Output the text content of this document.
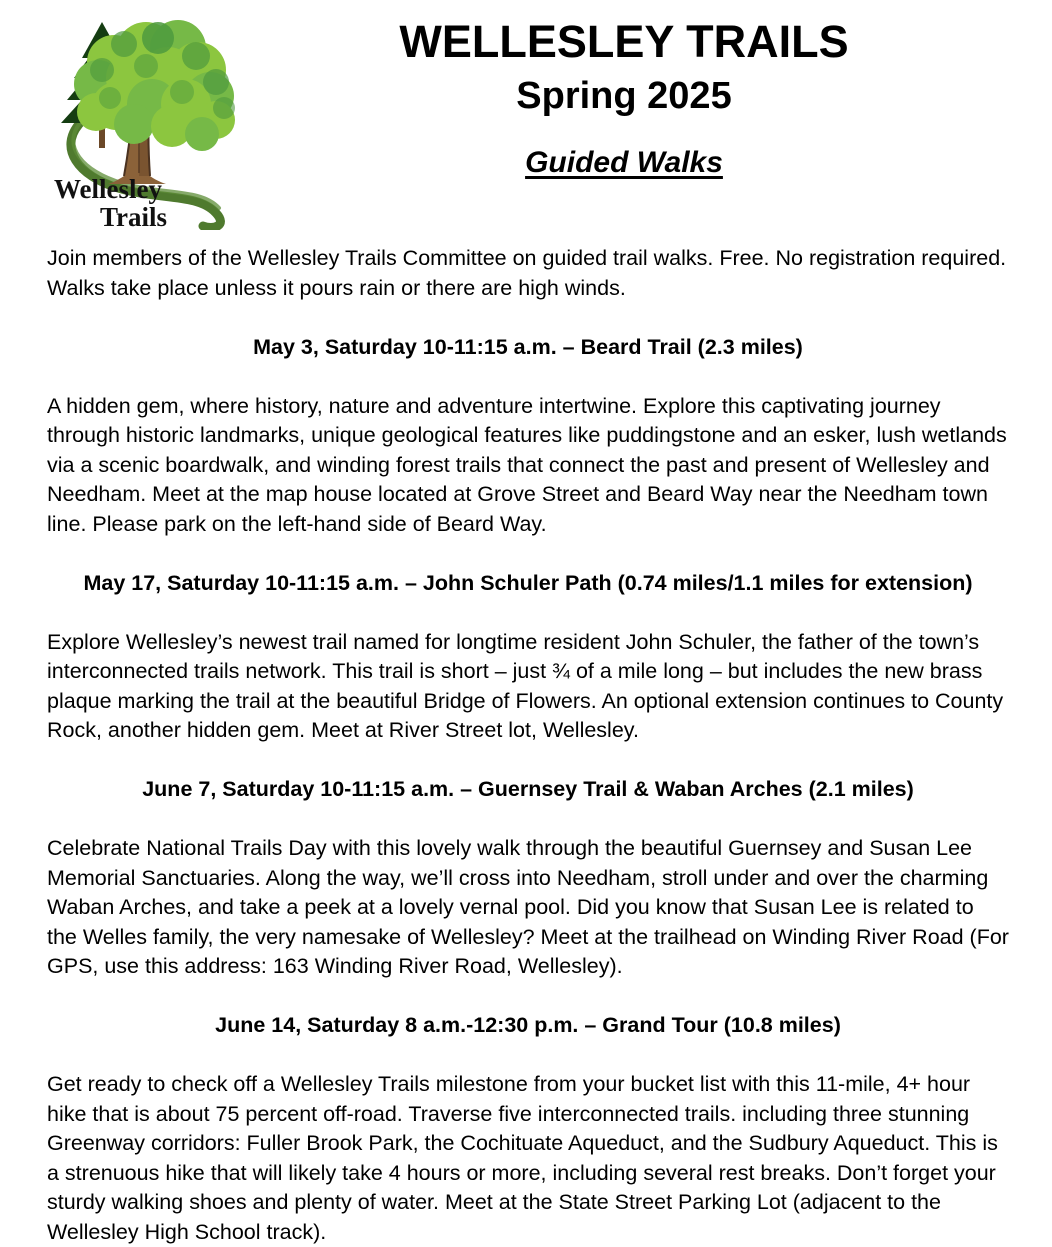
Wellesley
Trails
WELLESLEY TRAILS
Spring 2025
Guided Walks

Join members of the Wellesley Trails Committee on guided trail walks. Free. No registration required. Walks take place unless it pours rain or there are high winds.

May 3, Saturday 10-11:15 a.m. – Beard Trail (2.3 miles)

A hidden gem, where history, nature and adventure intertwine. Explore this captivating journey through historic landmarks, unique geological features like puddingstone and an esker, lush wetlands via a scenic boardwalk, and winding forest trails that connect the past and present of Wellesley and Needham. Meet at the map house located at Grove Street and Beard Way near the Needham town line. Please park on the left-hand side of Beard Way.

May 17, Saturday 10-11:15 a.m. – John Schuler Path (0.74 miles/1.1 miles for extension)

Explore Wellesley’s newest trail named for longtime resident John Schuler, the father of the town’s interconnected trails network. This trail is short – just ¾ of a mile long – but includes the new brass plaque marking the trail at the beautiful Bridge of Flowers. An optional extension continues to County Rock, another hidden gem. Meet at River Street lot, Wellesley.

June 7, Saturday 10-11:15 a.m. – Guernsey Trail & Waban Arches (2.1 miles)

Celebrate National Trails Day with this lovely walk through the beautiful Guernsey and Susan Lee Memorial Sanctuaries. Along the way, we’ll cross into Needham, stroll under and over the charming Waban Arches, and take a peek at a lovely vernal pool. Did you know that Susan Lee is related to the Welles family, the very namesake of Wellesley? Meet at the trailhead on Winding River Road (For GPS, use this address: 163 Winding River Road, Wellesley).

June 14, Saturday 8 a.m.-12:30 p.m. – Grand Tour (10.8 miles)

Get ready to check off a Wellesley Trails milestone from your bucket list with this 11-mile, 4+ hour hike that is about 75 percent off-road. Traverse five interconnected trails. including three stunning Greenway corridors: Fuller Brook Park, the Cochituate Aqueduct, and the Sudbury Aqueduct. This is a strenuous hike that will likely take 4 hours or more, including several rest breaks. Don’t forget your sturdy walking shoes and plenty of water. Meet at the State Street Parking Lot (adjacent to the Wellesley High School track).
